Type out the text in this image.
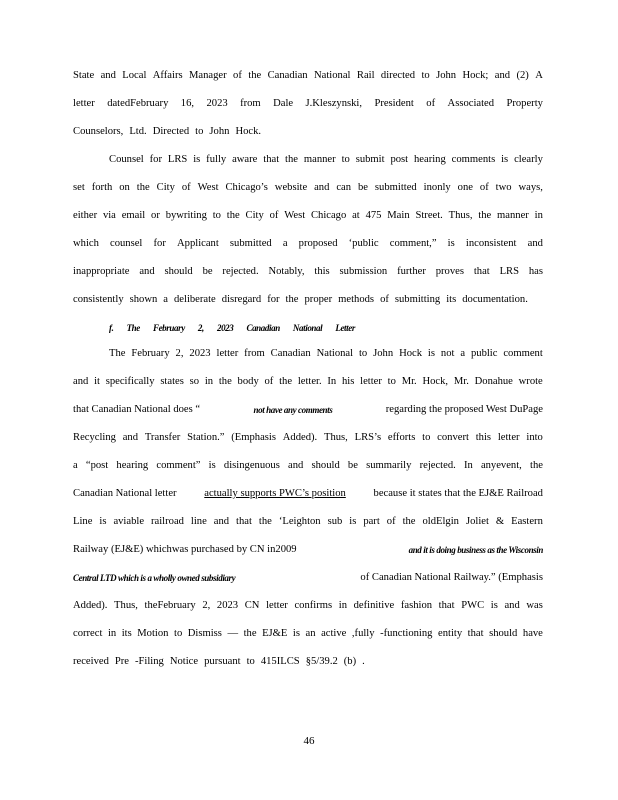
State and Local Affairs Manager of the Canadian National Rail directed to John Hock; and (2) A
letter datedFebruary 16, 2023 from Dale J.Kleszynski, President of Associated Property
Counselors, Ltd. Directed to John Hock.
Counsel for LRS is fully aware that the manner to submit post hearing comments is clearly
set forth on the City of West Chicago’s website and can be submitted inonly one of two ways,
either via email or bywriting to the City of West Chicago at 475 Main Street. Thus, the manner in
which counsel for Applicant submitted a proposed ‘public comment,” is inconsistent and
inappropriate and should be rejected. Notably, this submission further proves that LRS has
consistently shown a deliberate disregard for the proper methods of submitting its documentation.
f. The February 2, 2023 Canadian National Letter
The February 2, 2023 letter from Canadian National to John Hock is not a public comment
and it specifically states so in the body of the letter. In his letter to Mr. Hock, Mr. Donahue wrote
that Canadian National does “	not have any comments	regarding the proposed West DuPage
Recycling and Transfer Station.” (Emphasis Added). Thus, LRS’s efforts to convert this letter into
a “post hearing comment” is disingenuous and should be summarily rejected. In anyevent, the
Canadian National letter	actually supports PWC’s position	because it states that the EJ&E Railroad
Line is aviable railroad line and that the ‘Leighton sub is part of the oldElgin Joliet & Eastern
Railway (EJ&E) whichwas purchased by CN in2009	and it is doing business as the Wisconsin
Central LTD which is a wholly owned subsidiary	of Canadian National Railway.” (Emphasis
Added). Thus, theFebruary 2, 2023 CN letter confirms in definitive fashion that PWC is and was
correct in its Motion to Dismiss — the EJ&E is an active ,fully -functioning entity that should have
received Pre -Filing Notice pursuant to 415ILCS §5/39.2 (b) .
46
